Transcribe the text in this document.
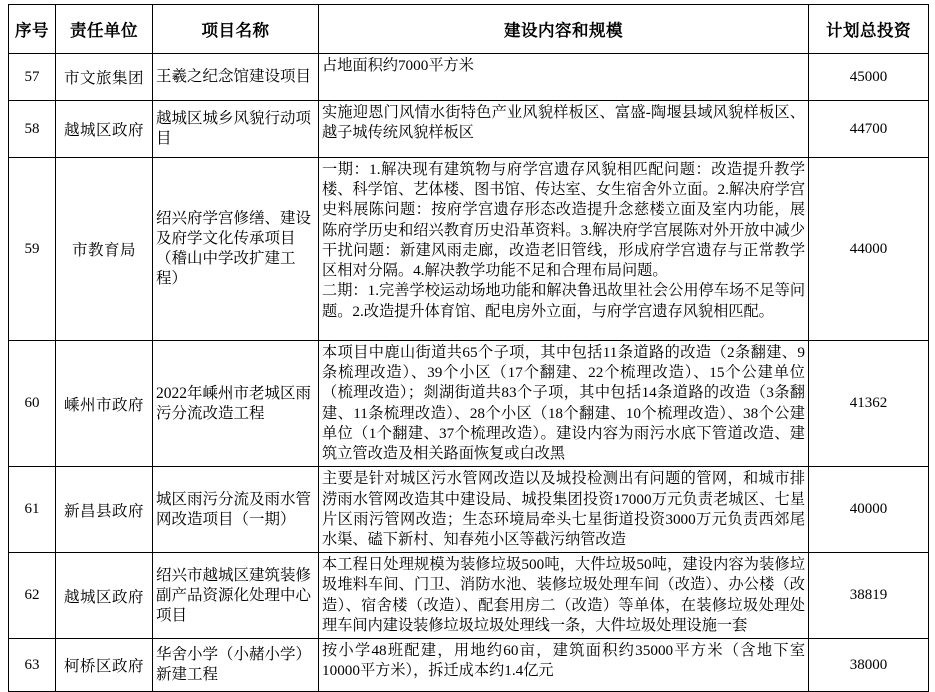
序号	责任单位	项目名称	建设内容和规模	计划总投资
57	市文旅集团	王羲之纪念馆建设项目	占地面积约7000平方米	45000
58	越城区政府	越城区城乡风貌行动项目	实施迎恩门风情水街特色产业风貌样板区、富盛-陶堰县域风貌样板区、越子城传统风貌样板区	44700
59	市教育局	绍兴府学宫修缮、建设及府学文化传承项目（稽山中学改扩建工程）	一期：1.解决现有建筑物与府学宫遗存风貌相匹配问题：改造提升教学楼、科学馆、艺体楼、图书馆、传达室、女生宿舍外立面。2.解决府学宫史料展陈问题：按府学宫遗存形态改造提升念慈楼立面及室内功能，展陈府学历史和绍兴教育历史沿革资料。3.解决府学宫展陈对外开放中减少干扰问题：新建风雨走廊，改造老旧管线，形成府学宫遗存与正常教学区相对分隔。4.解决教学功能不足和合理布局问题。

二期：1.完善学校运动场地功能和解决鲁迅故里社会公用停车场不足等问题。2.改造提升体育馆、配电房外立面，与府学宫遗存风貌相匹配。	44000
60	嵊州市政府	2022年嵊州市老城区雨污分流改造工程	本项目中鹿山街道共65个子项，其中包括11条道路的改造（2条翻建、9条梳理改造）、39个小区（17个翻建、22个梳理改造）、15个公建单位（梳理改造）；剡湖街道共83个子项，其中包括14条道路的改造（3条翻建、11条梳理改造）、28个小区（18个翻建、10个梳理改造）、38个公建单位（1个翻建、37个梳理改造）。建设内容为雨污水底下管道改造、建筑立管改造及相关路面恢复或白改黑	41362
61	新昌县政府	城区雨污分流及雨水管网改造项目（一期）	主要是针对城区污水管网改造以及城投检测出有问题的管网，和城市排涝雨水管网改造其中建设局、城投集团投资17000万元负责老城区、七星片区雨污管网改造；生态环境局牵头七星街道投资3000万元负责西郊尾水渠、磕下新村、知春苑小区等截污纳管改造	40000
62	越城区政府	绍兴市越城区建筑装修副产品资源化处理中心项目	本工程日处理规模为装修垃圾500吨，大件垃圾50吨，建设内容为装修垃圾堆料车间、门卫、消防水池、装修垃圾处理车间（改造）、办公楼（改造）、宿舍楼（改造）、配套用房二（改造）等单体，在装修垃圾处理处理车间内建设装修垃圾垃圾处理线一条，大件垃圾处理设施一套	38819
63	柯桥区政府	华舍小学（小赭小学）新建工程	按小学48班配建，用地约60亩，建筑面积约35000平方米（含地下室10000平方米），拆迁成本约1.4亿元	38000
